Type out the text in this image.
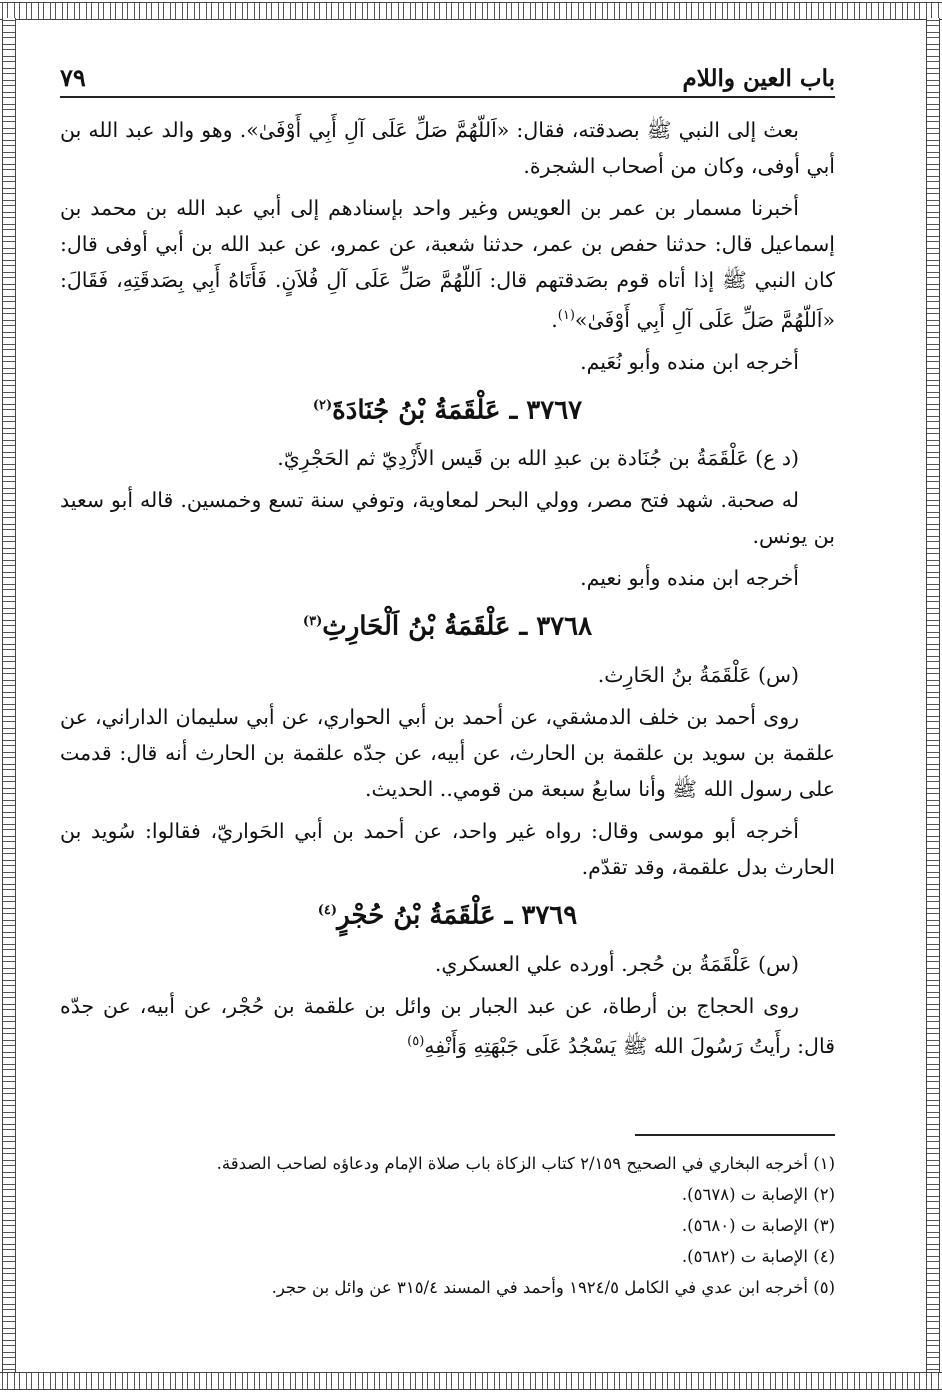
باب العين واللام
٧٩

بعث إلى النبي ﷺ بصدقته، فقال: «اَللّهُمَّ صَلِّ عَلَى آلِ أَبِي أَوْفَىٰ». وهو والد عبد الله بن أبي أوفى، وكان من أصحاب الشجرة.

أخبرنا مسمار بن عمر بن العويس وغير واحد بإسنادهم إلى أبي عبد الله بن محمد بن إسماعيل قال: حدثنا حفص بن عمر، حدثنا شعبة، عن عمرو، عن عبد الله بن أبي أوفى قال: كان النبي ﷺ إذا أتاه قوم بصَدقتهم قال: اَللّهُمَّ صَلِّ عَلَى آلِ فُلاَنٍ. فَأَتَاهُ أَبِي بِصَدقَتِهِ، فَقَالَ: «اَللّهُمَّ صَلِّ عَلَى آلِ أَبِي أَوْفَىٰ»$^{(١)}$.

أخرجه ابن منده وأبو نُعَيم.

٣٧٦٧ ـ عَلْقَمَةُ بْنُ جُنَادَةَ$^{(٢)}$

(د ع) عَلْقَمَةُ بن جُنَادة بن عبدِ الله بن قَيس الأَزْدِيّ ثم الحَجْرِيّ.

له صحبة. شهد فتح مصر، وولي البحر لمعاوية، وتوفي سنة تسع وخمسين. قاله أبو سعيد بن يونس.

أخرجه ابن منده وأبو نعيم.

٣٧٦٨ ـ عَلْقَمَةُ بْنُ اَلْحَارِثِ$^{(٣)}$

(س) عَلْقَمَةُ بنُ الحَارِث.

روى أحمد بن خلف الدمشقي، عن أحمد بن أبي الحواري، عن أبي سليمان الداراني، عن علقمة بن سويد بن علقمة بن الحارث، عن أبيه، عن جدّه علقمة بن الحارث أنه قال: قدمت على رسول الله ﷺ وأنا سابعُ سبعة من قومي.. الحديث.

أخرجه أبو موسى وقال: رواه غير واحد، عن أحمد بن أبي الحَواريّ، فقالوا: سُويد بن الحارث بدل علقمة، وقد تقدّم.

٣٧٦٩ ـ عَلْقَمَةُ بْنُ حُجْرٍ$^{(٤)}$

(س) عَلْقَمَةُ بن حُجر. أورده علي العسكري.

روى الحجاج بن أرطاة، عن عبد الجبار بن وائل بن علقمة بن حُجْر، عن أبيه، عن جدّه قال: رأَيتُ رَسُولَ الله ﷺ يَسْجُدُ عَلَى جَبْهَتِهِ وَأَنْفِهِ$^{(٥)}$

(١) أخرجه البخاري في الصحيح ٢/١٥٩ كتاب الزكاة باب صلاة الإمام ودعاؤه لصاحب الصدقة.
(٢) الإصابة ت (٥٦٧٨).
(٣) الإصابة ت (٥٦٨٠).
(٤) الإصابة ت (٥٦٨٢).
(٥) أخرجه ابن عدي في الكامل ١٩٢٤/٥ وأحمد في المسند ٣١٥/٤ عن وائل بن حجر.
